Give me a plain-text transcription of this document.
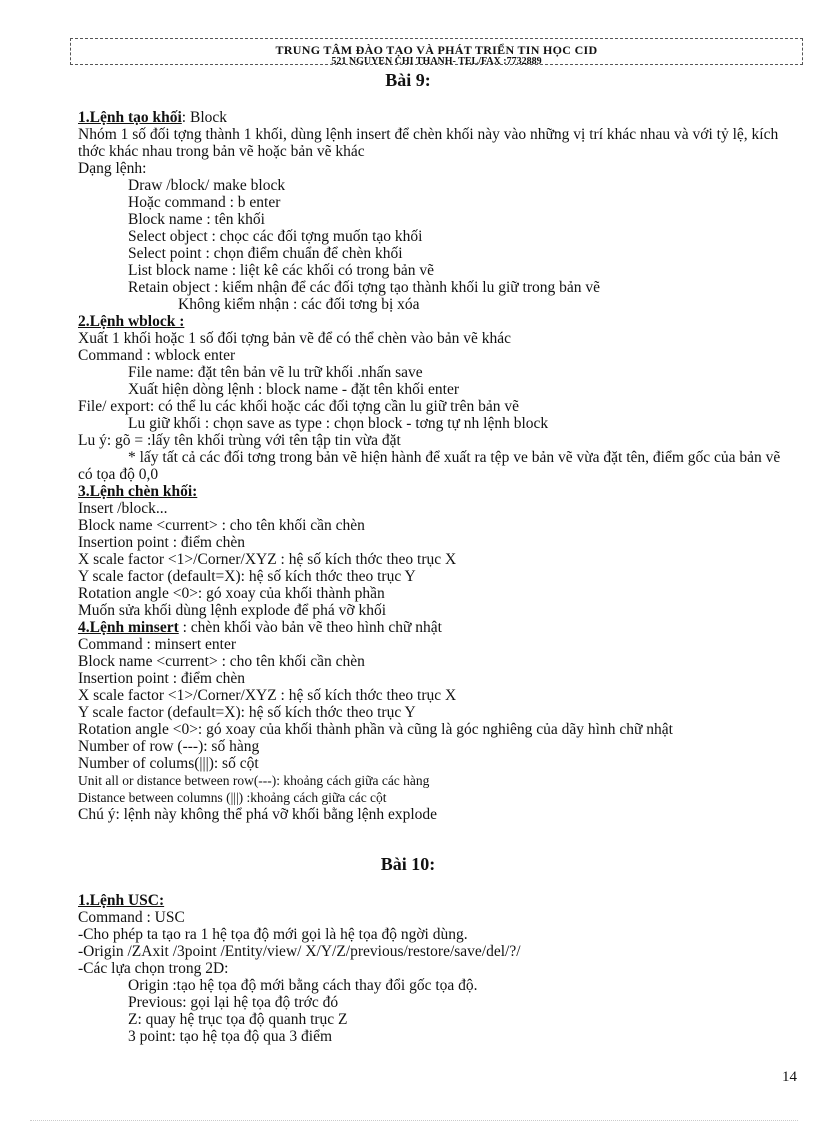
TRUNG TÂM ĐÀO TẠO VÀ PHÁT TRIỂN TIN HỌC CID
521 NGUYỄN CHÍ THANH- TEL/FAX :7732889
Bài 9:

1.Lệnh tạo khối: Block

Nhóm 1 số đối tợng thành 1 khối, dùng lệnh insert để chèn khối này vào những vị trí khác nhau và với tỷ lệ, kích thớc khác nhau trong bản vẽ hoặc bản vẽ khác

Dạng lệnh:

Draw /block/ make block

Hoặc command : b enter

Block name : tên khối

Select object : chọc các đối tợng muốn tạo khối

Select point : chọn điểm chuẩn để chèn khối

List block name : liệt kê các khối có trong bản vẽ

Retain object : kiểm nhận để các đối tợng tạo thành khối lu giữ trong bản vẽ

Không kiểm nhận : các đối tơng bị xóa

2.Lệnh wblock :

Xuất 1 khối hoặc 1 số đối tợng bản vẽ để có thể chèn vào bản vẽ khác

Command : wblock enter

File name: đặt tên bản vẽ lu trữ khối .nhấn save

Xuất hiện dòng lệnh : block name - đặt tên khối enter

File/ export: có thể lu các khối hoặc các đối tợng cần lu giữ trên bản vẽ

Lu giữ khối : chọn save as type : chọn block - tơng tự nh lệnh block

Lu ý: gõ = :lấy tên khối trùng với tên tập tin vừa đặt

* lấy tất cả các đối tơng trong bản vẽ hiện hành để xuất ra tệp ve bản vẽ vừa đặt tên, điểm gốc của bản vẽ có tọa độ 0,0

3.Lệnh chèn khối:

Insert /block...

Block name <current> : cho tên khối cần chèn

Insertion point : điểm chèn

X scale factor <1>/Corner/XYZ : hệ số kích thớc theo trục X

Y scale factor (default=X): hệ số kích thớc theo trục Y

Rotation angle <0>: gó xoay của khối thành phần

Muốn sửa khối dùng lệnh explode để phá vỡ khối

4.Lệnh minsert : chèn khối vào bản vẽ theo hình chữ nhật

Command : minsert enter

Block name <current> : cho tên khối cần chèn

Insertion point : điểm chèn

X scale factor <1>/Corner/XYZ : hệ số kích thớc theo trục X

Y scale factor (default=X): hệ số kích thớc theo trục Y

Rotation angle <0>: gó xoay của khối thành phần và cũng là góc nghiêng của dãy hình chữ nhật

Number of row (---): số hàng

Number of colums(|||): số cột

Unit all or distance between row(---): khoảng cách giữa các hàng

Distance between columns (|||) :khoảng cách giữa các cột

Chú ý: lệnh này không thể phá vỡ khối bằng lệnh explode

Bài 10:

1.Lệnh USC:

Command : USC

-Cho phép ta tạo ra 1 hệ tọa độ mới gọi là hệ tọa độ ngời dùng.

-Origin /ZAxit /3point /Entity/view/ X/Y/Z/previous/restore/save/del/?/

-Các lựa chọn trong 2D:

Origin :tạo hệ tọa độ mới bằng cách thay đổi gốc tọa độ.

Previous: gọi lại hệ tọa độ trớc đó

Z: quay hệ trục tọa độ quanh trục Z

3 point: tạo hệ tọa độ qua 3 điểm

14
